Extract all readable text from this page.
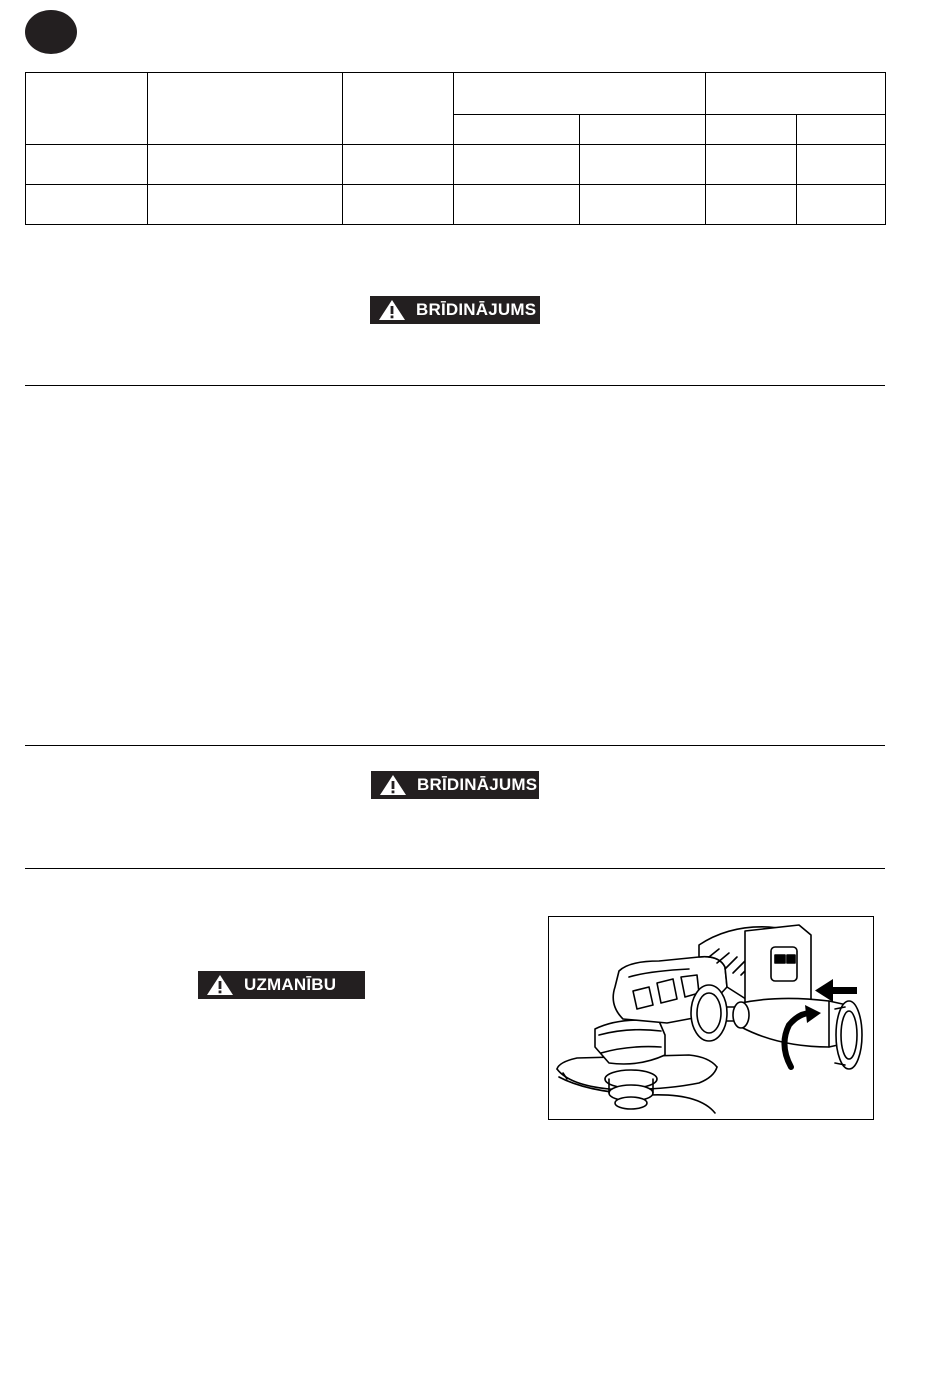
BRĪDINĀJUMS
BRĪDINĀJUMS
UZMANĪBU
